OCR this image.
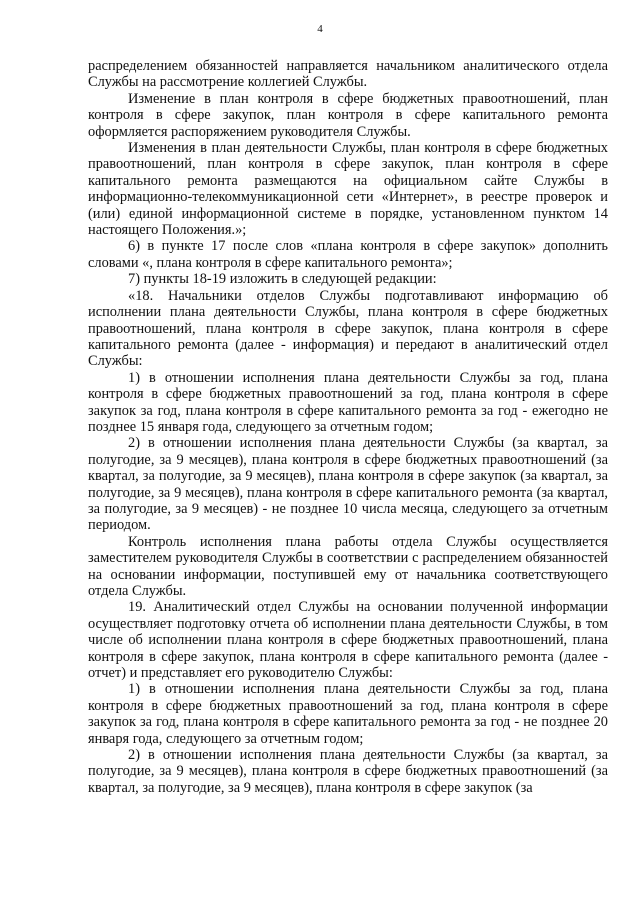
4

распределением обязанностей направляется начальником аналитического отдела Службы на рассмотрение коллегией Службы.

Изменение в план контроля в сфере бюджетных правоотношений, план контроля в сфере закупок, план контроля в сфере капитального ремонта оформляется распоряжением руководителя Службы.

Изменения в план деятельности Службы, план контроля в сфере бюджетных правоотношений, план контроля в сфере закупок, план контроля в сфере капитального ремонта размещаются на официальном сайте Службы в информационно-телекоммуникационной сети «Интернет», в реестре проверок и (или) единой информационной системе в порядке, установленном пунктом 14 настоящего Положения.»;

6) в пункте 17 после слов «плана контроля в сфере закупок» дополнить словами «, плана контроля в сфере капитального ремонта»;

7) пункты 18-19 изложить в следующей редакции:

«18. Начальники отделов Службы подготавливают информацию об исполнении плана деятельности Службы, плана контроля в сфере бюджетных правоотношений, плана контроля в сфере закупок, плана контроля в сфере капитального ремонта (далее - информация) и передают в аналитический отдел Службы:

1) в отношении исполнения плана деятельности Службы за год, плана контроля в сфере бюджетных правоотношений за год, плана контроля в сфере закупок за год, плана контроля в сфере капитального ремонта за год - ежегодно не позднее 15 января года, следующего за отчетным годом;

2) в отношении исполнения плана деятельности Службы (за квартал, за полугодие, за 9 месяцев), плана контроля в сфере бюджетных правоотношений (за квартал, за полугодие, за 9 месяцев), плана контроля в сфере закупок (за квартал, за полугодие, за 9 месяцев), плана контроля в сфере капитального ремонта (за квартал, за полугодие, за 9 месяцев) - не позднее 10 числа месяца, следующего за отчетным периодом.

Контроль исполнения плана работы отдела Службы осуществляется заместителем руководителя Службы в соответствии с распределением обязанностей на основании информации, поступившей ему от начальника соответствующего отдела Службы.

19. Аналитический отдел Службы на основании полученной информации осуществляет подготовку отчета об исполнении плана деятельности Службы, в том числе об исполнении плана контроля в сфере бюджетных правоотношений, плана контроля в сфере закупок, плана контроля в сфере капитального ремонта (далее - отчет) и представляет его руководителю Службы:

1) в отношении исполнения плана деятельности Службы за год, плана контроля в сфере бюджетных правоотношений за год, плана контроля в сфере закупок за год, плана контроля в сфере капитального ремонта за год - не позднее 20 января года, следующего за отчетным годом;

2) в отношении исполнения плана деятельности Службы (за квартал, за полугодие, за 9 месяцев), плана контроля в сфере бюджетных правоотношений (за квартал, за полугодие, за 9 месяцев), плана контроля в сфере закупок (за
